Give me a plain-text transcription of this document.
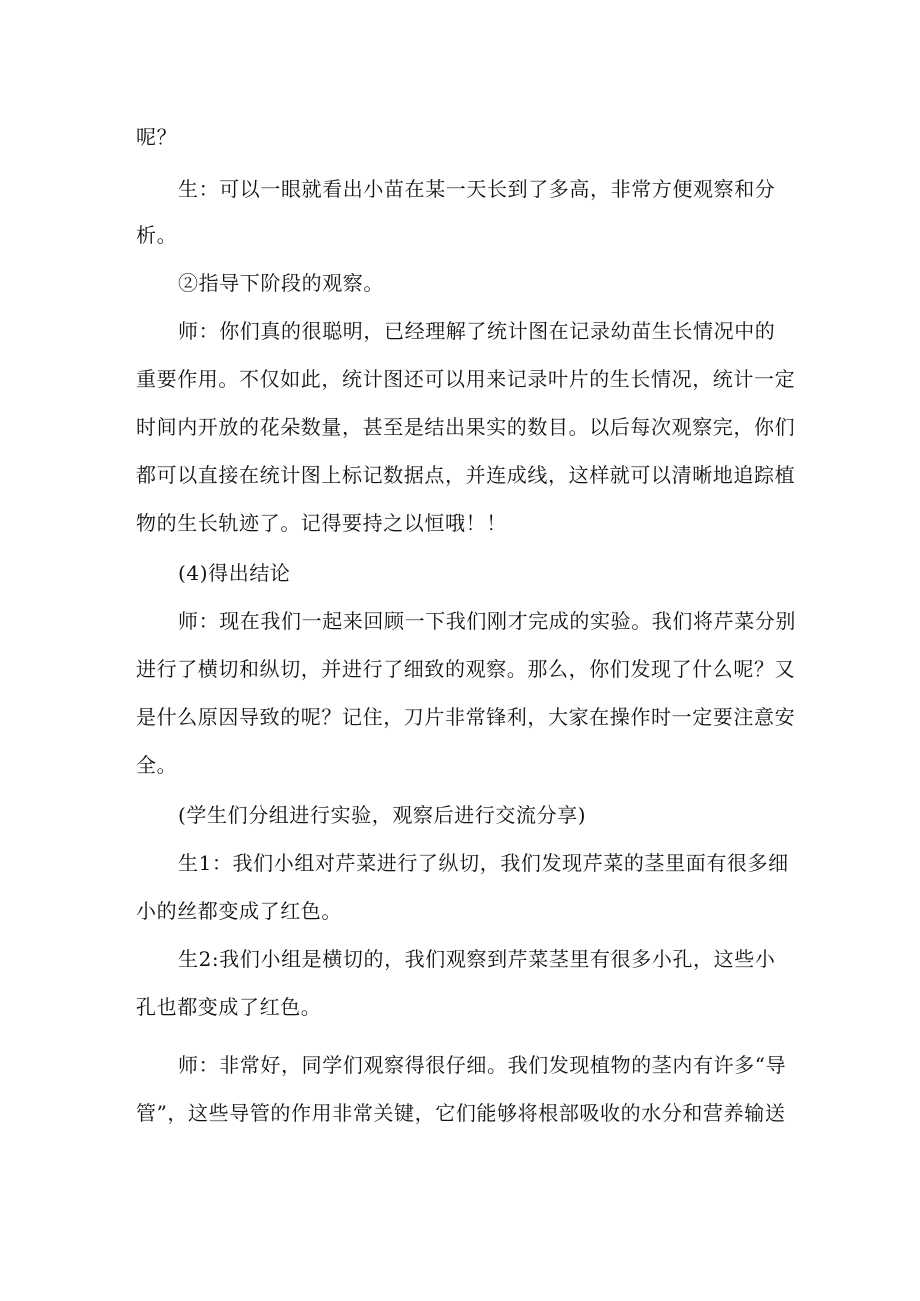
呢？

生：可以一眼就看出小苗在某一天长到了多高，非常方便观察和分

析。

②指导下阶段的观察。

师：你们真的很聪明，已经理解了统计图在记录幼苗生长情况中的

重要作用。不仅如此，统计图还可以用来记录叶片的生长情况，统计一定

时间内开放的花朵数量，甚至是结出果实的数目。以后每次观察完，你们

都可以直接在统计图上标记数据点，并连成线，这样就可以清晰地追踪植

物的生长轨迹了。记得要持之以恒哦！！

(4)得出结论

师：现在我们一起来回顾一下我们刚才完成的实验。我们将芹菜分别

进行了横切和纵切，并进行了细致的观察。那么，你们发现了什么呢？又

是什么原因导致的呢？记住，刀片非常锋利，大家在操作时一定要注意安

全。

(学生们分组进行实验，观察后进行交流分享)

生1：我们小组对芹菜进行了纵切，我们发现芹菜的茎里面有很多细

小的丝都变成了红色。

生2:我们小组是横切的，我们观察到芹菜茎里有很多小孔，这些小

孔也都变成了红色。

师：非常好，同学们观察得很仔细。我们发现植物的茎内有许多“导

管”，这些导管的作用非常关键，它们能够将根部吸收的水分和营养输送
